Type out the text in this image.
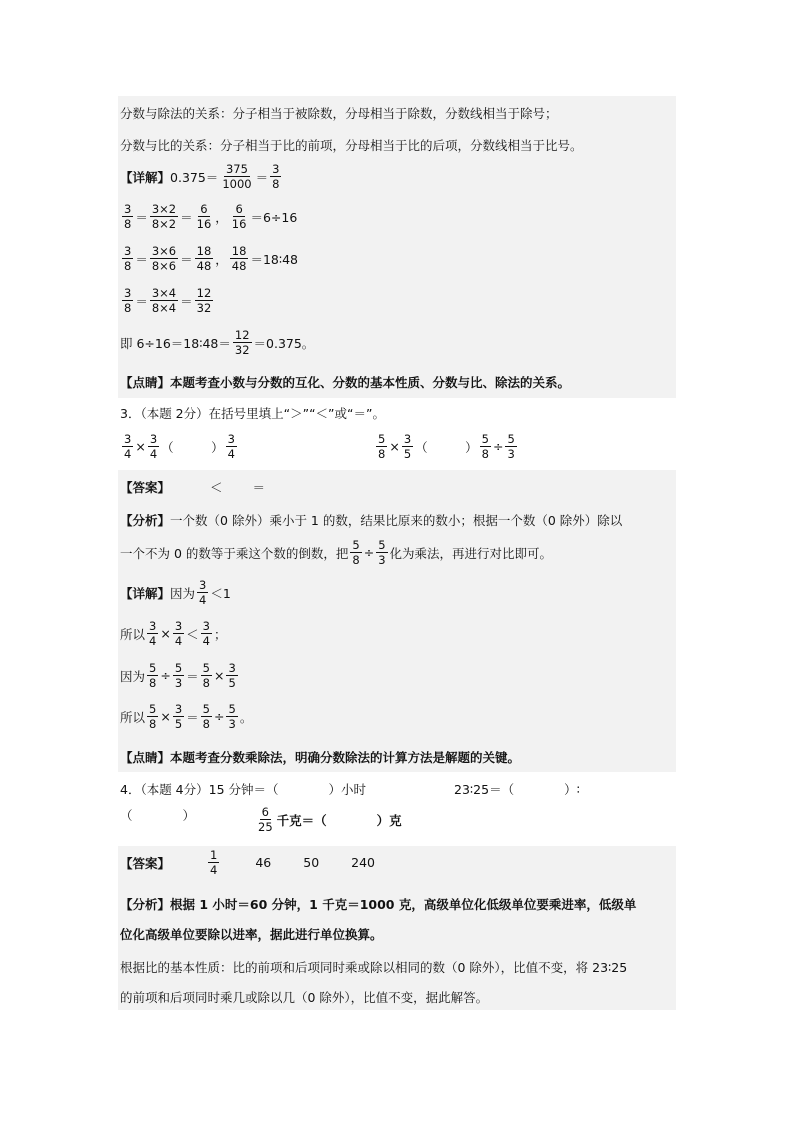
分数与除法的关系：分子相当于被除数，分母相当于除数，分数线相当于除号；
分数与比的关系：分子相当于比的前项，分母相当于比的后项，分数线相当于比号。
【详解】 $0.375= \frac{375}{1000} = \frac{3}{8}$
$\frac{3}{8} = \frac{3\times 2}{8\times 2} = \frac{6}{16}$ ， $\frac{6}{16} =6\div 16$
$\frac{3}{8} = \frac{3\times 6}{8\times 6} = \frac{18}{48}$ ， $\frac{18}{48}$ ＝18∶48
$\frac{3}{8} = \frac{3\times 4}{8\times 4} = \frac{12}{32}$
即 6÷16＝18∶48＝ $\frac{12}{32} =0.375$。
【点睛】 本题考查小数与分数的互化、分数的基本性质、分数与比、除法的关系。
3．（本题 2分）在括号里填上“＞”“＜”或“＝”。
$\frac{3}{4} \times \frac{3}{4}$ （　　　） $\frac{3}{4}$	$\frac{5}{8} \times \frac{3}{5}$ （　　　） $\frac{5}{8} \div \frac{5}{3}$
【答案】	＜ ＝
【分析】 一个数（0 除外）乘小于 1 的数，结果比原来的数小；根据一个数（0 除外）除以
一个不为 0 的数等于乘这个数的倒数，把 $\frac{5}{8} \div \frac{5}{3}$ 化为乘法，再进行对比即可。
【详解】 因为 $\frac{3}{4} <1$
所以 $\frac{3}{4} \times \frac{3}{4} < \frac{3}{4}$ ；
因为 $\frac{5}{8} \div \frac{5}{3} = \frac{5}{8} \times \frac{3}{5}$
所以 $\frac{5}{8} \times \frac{3}{5} = \frac{5}{8} \div \frac{5}{3}$ 。
【点睛】 本题考查分数乘除法，明确分数除法的计算方法是解题的关键。
4．（本题 4分）15 分钟＝（　　　　）小时	23∶25＝（　　　　）∶
（　　　　）	$\frac{6}{25}$ 千克＝（　　　　）克
【答案】	$\frac{1}{4}$	46	50	240
【分析】 根据 1 小时＝60 分钟，1 千克＝1000 克，高级单位化低级单位要乘进率，低级单
位化高级单位要除以进率，据此进行单位换算。
根据比的基本性质：比的前项和后项同时乘或除以相同的数（0 除外），比值不变，将 23∶25
的前项和后项同时乘几或除以几（0 除外），比值不变，据此解答。
